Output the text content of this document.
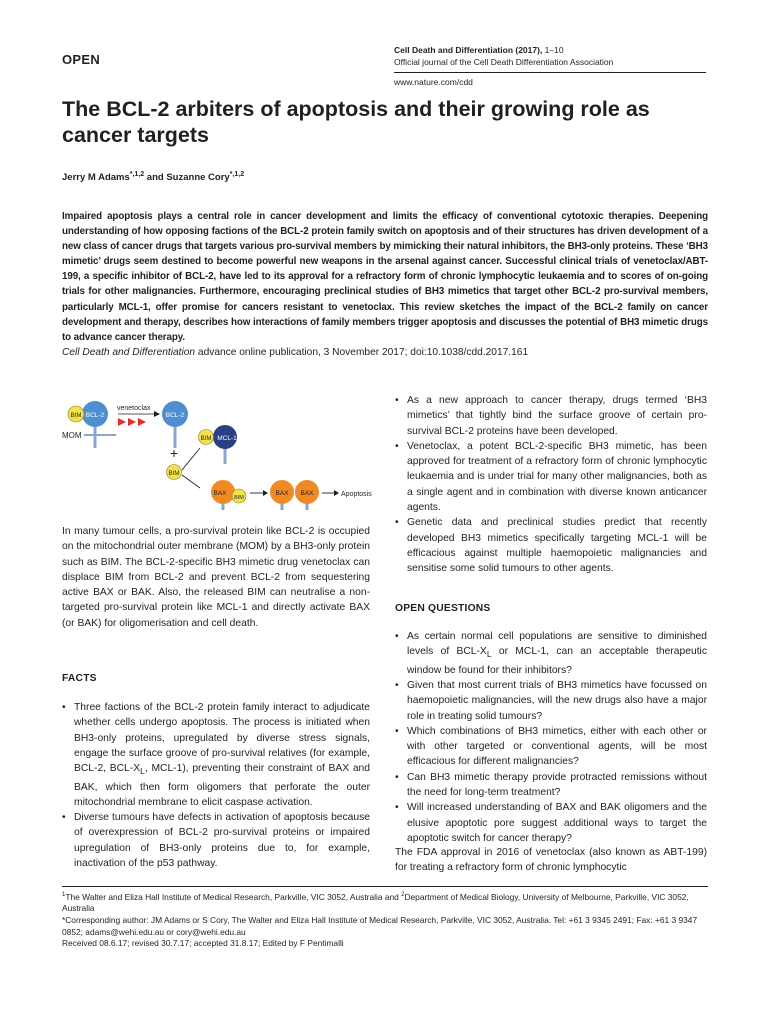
OPEN
Cell Death and Differentiation (2017), 1–10
Official journal of the Cell Death Differentiation Association
www.nature.com/cdd
The BCL-2 arbiters of apoptosis and their growing role as cancer targets
Jerry M Adams$^{*,1,2}$ and Suzanne Cory$^{*,1,2}$
Impaired apoptosis plays a central role in cancer development and limits the efficacy of conventional cytotoxic therapies. Deepening understanding of how opposing factions of the BCL-2 protein family switch on apoptosis and of their structures has driven development of a new class of cancer drugs that targets various pro-survival members by mimicking their natural inhibitors, the BH3-only proteins. These ‘BH3 mimetic’ drugs seem destined to become powerful new weapons in the arsenal against cancer. Successful clinical trials of venetoclax/ABT-199, a specific inhibitor of BCL-2, have led to its approval for a refractory form of chronic lymphocytic leukaemia and to scores of on-going trials for other malignancies. Furthermore, encouraging preclinical studies of BH3 mimetics that target other BCL-2 pro-survival members, particularly MCL-1, offer promise for cancers resistant to venetoclax. This review sketches the impact of the BCL-2 family on cancer development and therapy, describes how interactions of family members trigger apoptosis and discusses the potential of BH3 mimetic drugs to advance cancer therapy.
Cell Death and Differentiation advance online publication, 3 November 2017; doi:10.1038/cdd.2017.161
MOM
BCL-2
BIM
venetoclax
BCL-2
MCL-1
BIM
+
BIM
BAX
BIM
BAX BAX	Apoptosis
In many tumour cells, a pro-survival protein like BCL-2 is occupied on the mitochondrial outer membrane (MOM) by a BH3-only protein such as BIM. The BCL-2-specific BH3 mimetic drug venetoclax can displace BIM from BCL-2 and prevent BCL-2 from sequestering active BAX or BAK. Also, the released BIM can neutralise a non-targeted pro-survival protein like MCL-1 and directly activate BAX (or BAK) for oligomerisation and cell death.
FACTS
• Three factions of the BCL-2 protein family interact to adjudicate whether cells undergo apoptosis. The process is initiated when BH3-only proteins, upregulated by diverse stress signals, engage the surface groove of pro-survival relatives (for example, BCL-2, BCL-$X_L$, MCL-1), preventing their constraint of BAX and BAK, which then form oligomers that perforate the outer mitochondrial membrane to elicit caspase activation.
• Diverse tumours have defects in activation of apoptosis because of overexpression of BCL-2 pro-survival proteins or impaired upregulation of BH3-only proteins due to, for example, inactivation of the p53 pathway.
• As a new approach to cancer therapy, drugs termed ‘BH3 mimetics’ that tightly bind the surface groove of certain pro-survival BCL-2 proteins have been developed.
• Venetoclax, a potent BCL-2-specific BH3 mimetic, has been approved for treatment of a refractory form of chronic lymphocytic leukaemia and is under trial for many other malignancies, both as a single agent and in combination with diverse known anticancer agents.
• Genetic data and preclinical studies predict that recently developed BH3 mimetics specifically targeting MCL-1 will be efficacious against multiple haemopoietic malignancies and sensitise some solid tumours to other agents.
OPEN QUESTIONS
• As certain normal cell populations are sensitive to diminished levels of BCL-$X_L$ or MCL-1, can an acceptable therapeutic window be found for their inhibitors?
• Given that most current trials of BH3 mimetics have focussed on haemopoietic malignancies, will the new drugs also have a major role in treating solid tumours?
• Which combinations of BH3 mimetics, either with each other or with other targeted or conventional agents, will be most efficacious for different malignancies?
• Can BH3 mimetic therapy provide protracted remissions without the need for long-term treatment?
• Will increased understanding of BAX and BAK oligomers and the elusive apoptotic pore suggest additional ways to target the apoptotic switch for cancer therapy?
The FDA approval in 2016 of venetoclax (also known as ABT-199) for treating a refractory form of chronic lymphocytic
$^1$The Walter and Eliza Hall Institute of Medical Research, Parkville, VIC 3052, Australia and $^2$Department of Medical Biology, University of Melbourne, Parkville, VIC 3052, Australia
*Corresponding author: JM Adams or S Cory, The Walter and Eliza Hall Institute of Medical Research, Parkville, VIC 3052, Australia. Tel: +61 3 9345 2491; Fax: +61 3 9347 0852; adams@wehi.edu.au or cory@wehi.edu.au
Received 08.6.17; revised 30.7.17; accepted 31.8.17; Edited by F Pentimalli
